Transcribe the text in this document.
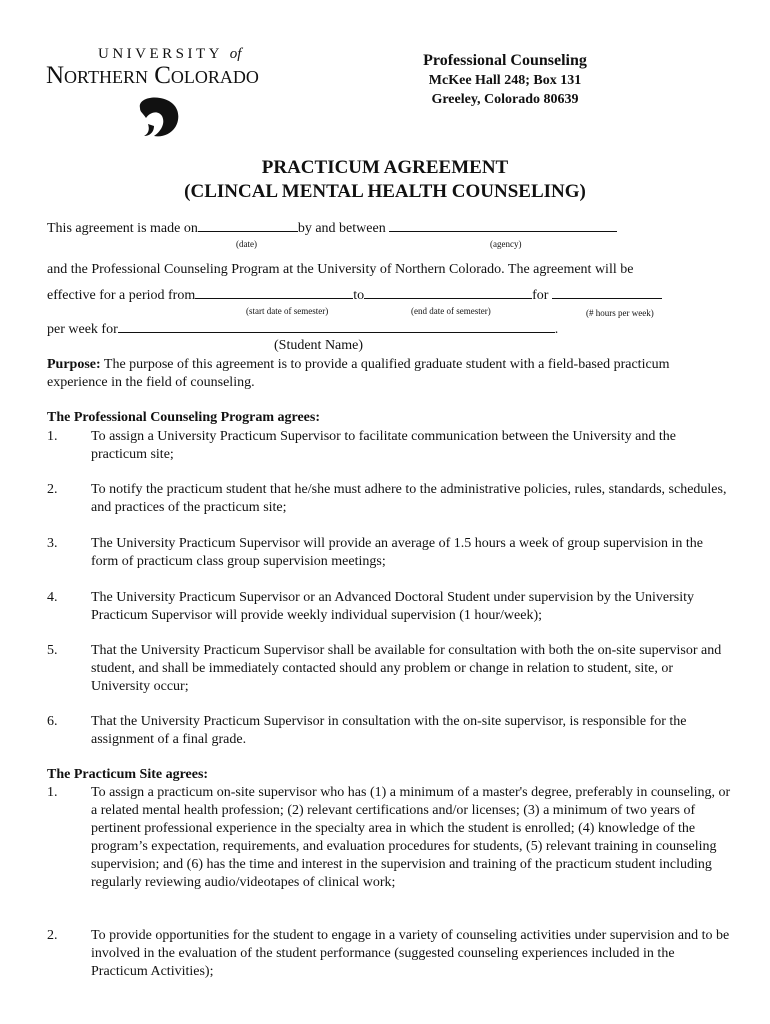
UNIVERSITY of
Northern Colorado
Professional Counseling
McKee Hall 248; Box 131
Greeley, Colorado 80639
PRACTICUM AGREEMENT
(CLINCAL MENTAL HEALTH COUNSELING)
This agreement is made on	by and between
(date)	(agency)
and the Professional Counseling Program at the University of Northern Colorado. The agreement will be
effective for a period from	to	for
(start date of semester)	(end date of semester)	(# hours per week)
per week for	.
(Student Name)
Purpose: The purpose of this agreement is to provide a qualified graduate student with a field-based practicum experience in the field of counseling.
The Professional Counseling Program agrees:
1. To assign a University Practicum Supervisor to facilitate communication between the University and the practicum site;
2. To notify the practicum student that he/she must adhere to the administrative policies, rules, standards, schedules, and practices of the practicum site;
3. The University Practicum Supervisor will provide an average of 1.5 hours a week of group supervision in the form of practicum class group supervision meetings;
4. The University Practicum Supervisor or an Advanced Doctoral Student under supervision by the University Practicum Supervisor will provide weekly individual supervision (1 hour/week);
5. That the University Practicum Supervisor shall be available for consultation with both the on-site supervisor and student, and shall be immediately contacted should any problem or change in relation to student, site, or University occur;
6. That the University Practicum Supervisor in consultation with the on-site supervisor, is responsible for the assignment of a final grade.
The Practicum Site agrees:
1. To assign a practicum on-site supervisor who has (1) a minimum of a master's degree, preferably in counseling, or a related mental health profession; (2) relevant certifications and/or licenses; (3) a minimum of two years of pertinent professional experience in the specialty area in which the student is enrolled; (4) knowledge of the program’s expectation, requirements, and evaluation procedures for students, (5) relevant training in counseling supervision; and (6) has the time and interest in the supervision and training of the practicum student including regularly reviewing audio/videotapes of clinical work;
2. To provide opportunities for the student to engage in a variety of counseling activities under supervision and to be involved in the evaluation of the student performance (suggested counseling experiences included in the Practicum Activities);
